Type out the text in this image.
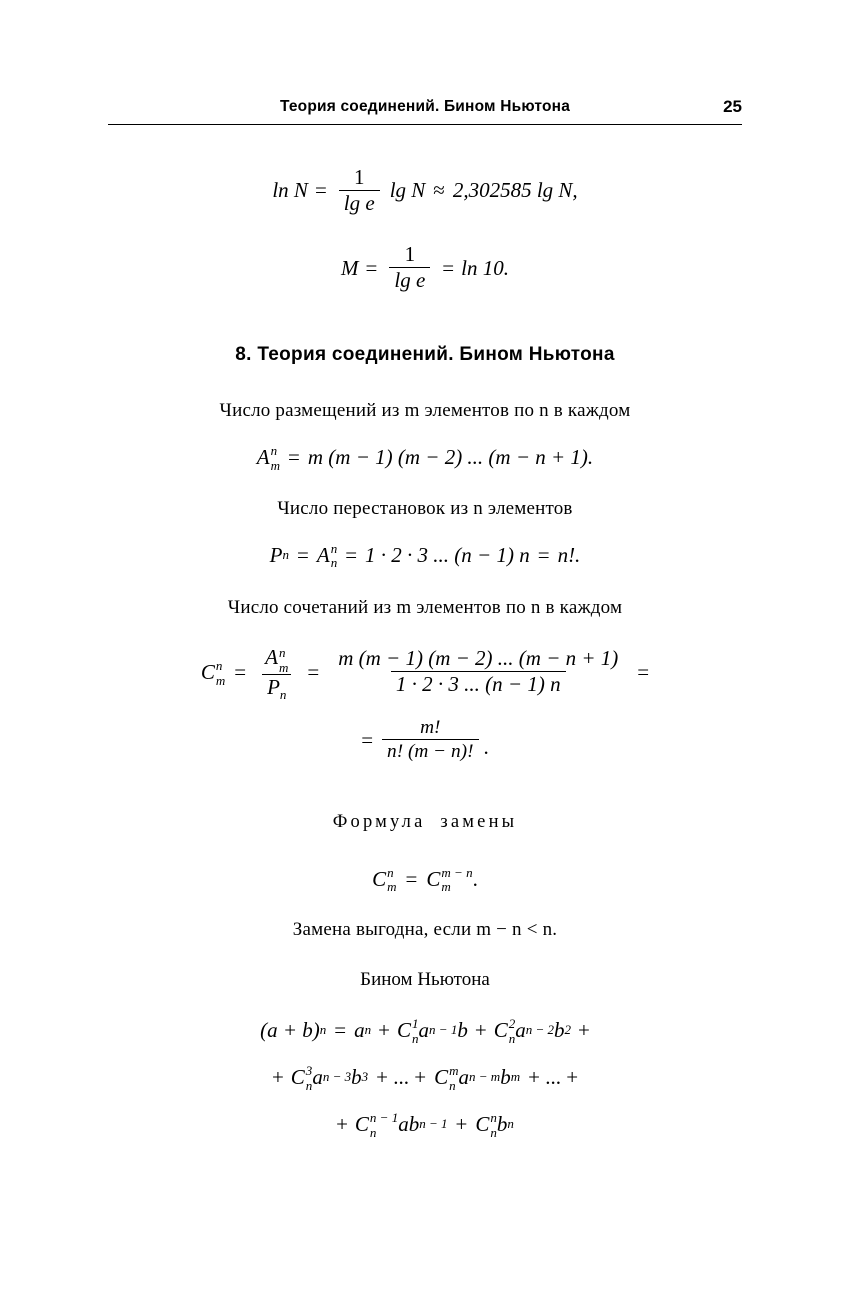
Теория соединений. Бином Ньютона	25
$\ln N = \frac{1}{\text{lg e}}$ lg N ≈ 2,302585 lg N,
$M = \frac{1}{\text{lg e}} = \ln 10$.
8. Теория соединений. Бином Ньютона
Число размещений из m элементов по n в каждом
A n
m = m (m − 1) (m − 2) ... (m − n + 1).
Число перестановок из n элементов
P n = A n
n = 1 · 2 · 3 ... (n − 1) n = n!.
Число сочетаний из m элементов по n в каждом
C n
m = A n
m
$P_n = \frac{m (m - 1) (m - 2) ... (m - n + 1)}{1 \cdot 2 \cdot 3 ... (n - 1) n}$ =
= $\frac{m!}{n! (m - n)!}$ .
Формула замены
C n
m = C m − n
m	.
Замена выгодна, если m − n < n.
Бином Ньютона
(a + b) n = a n + C 1
n a n − 1 b + C 2
n a n − 2 b 2 +
+ C 3
n a n − 3 b 3 + ... + C m
n a n − m b m + ... +
+ C n − 1
n	ab n − 1 + C n
n b n
